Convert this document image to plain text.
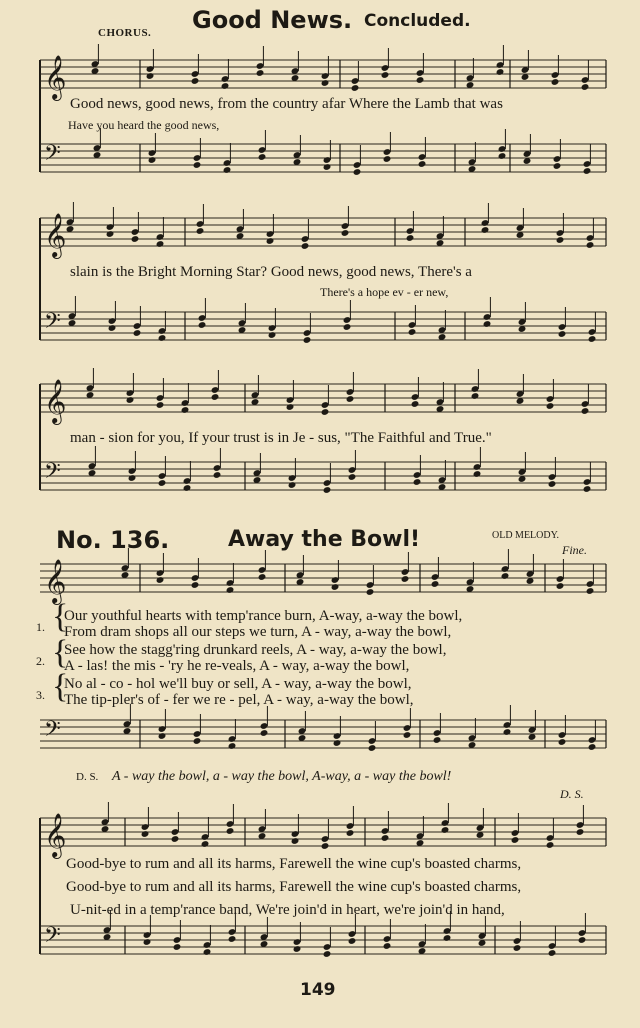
Good News. Concluded.
CHORUS.
𝄞
𝄢
Good news, good news, from the country afar Where the Lamb that was
Have you heard the good news,
𝄞
𝄢
slain is the Bright Morning Star? Good news, good news, There's a
There's a hope ev - er new,
𝄞
𝄢
man - sion for you, If your trust is in Je - sus, "The Faithful and True."
No. 136.	Away the Bowl!	OLD MELODY.
Fine.
𝄞
1. {
Our youthful hearts with temp'rance burn, A-way, a-way the bowl,
From dram shops all our steps we turn, A - way, a-way the bowl,
2. {
See how the stagg'ring drunkard reels, A - way, a-way the bowl,
A - las! the mis - 'ry he re-veals, A - way, a-way the bowl,
3. {
No al - co - hol we'll buy or sell, A - way, a-way the bowl,
The tip-pler's of - fer we re - pel, A - way, a-way the bowl,
𝄢
D. S. A - way the bowl, a - way the bowl, A-way, a - way the bowl!
D. S.
𝄞
𝄢
Good-bye to rum and all its harms, Farewell the wine cup's boasted charms,
Good-bye to rum and all its harms, Farewell the wine cup's boasted charms,
U-nit-ed in a temp'rance band, We're join'd in heart, we're join'd in hand,
149
